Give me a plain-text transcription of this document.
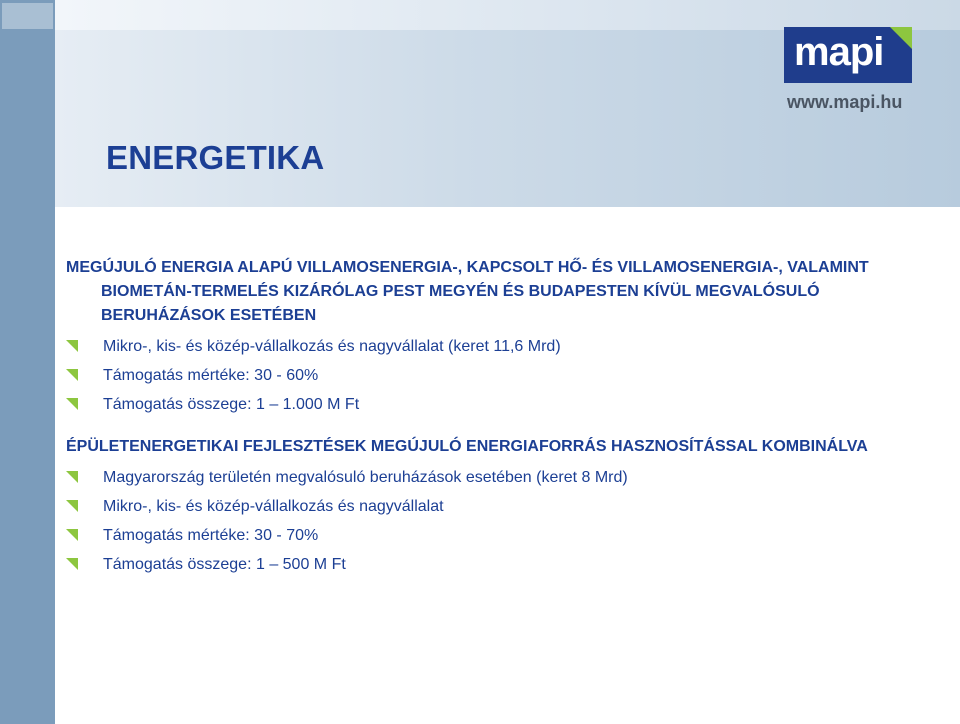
ENERGETIKA
mapi
www.mapi.hu
MEGÚJULÓ ENERGIA ALAPÚ VILLAMOSENERGIA-, KAPCSOLT HŐ- ÉS VILLAMOSENERGIA-, VALAMINT
BIOMETÁN-TERMELÉS KIZÁRÓLAG PEST MEGYÉN ÉS BUDAPESTEN KÍVÜL MEGVALÓSULÓ
BERUHÁZÁSOK ESETÉBEN
Mikro-, kis- és közép-vállalkozás és nagyvállalat (keret 11,6 Mrd)
Támogatás mértéke: 30 - 60%
Támogatás összege: 1 – 1.000 M Ft
ÉPÜLETENERGETIKAI FEJLESZTÉSEK MEGÚJULÓ ENERGIAFORRÁS HASZNOSÍTÁSSAL KOMBINÁLVA
Magyarország területén megvalósuló beruházások esetében (keret 8 Mrd)
Mikro-, kis- és közép-vállalkozás és nagyvállalat
Támogatás mértéke: 30 - 70%
Támogatás összege: 1 – 500 M Ft
